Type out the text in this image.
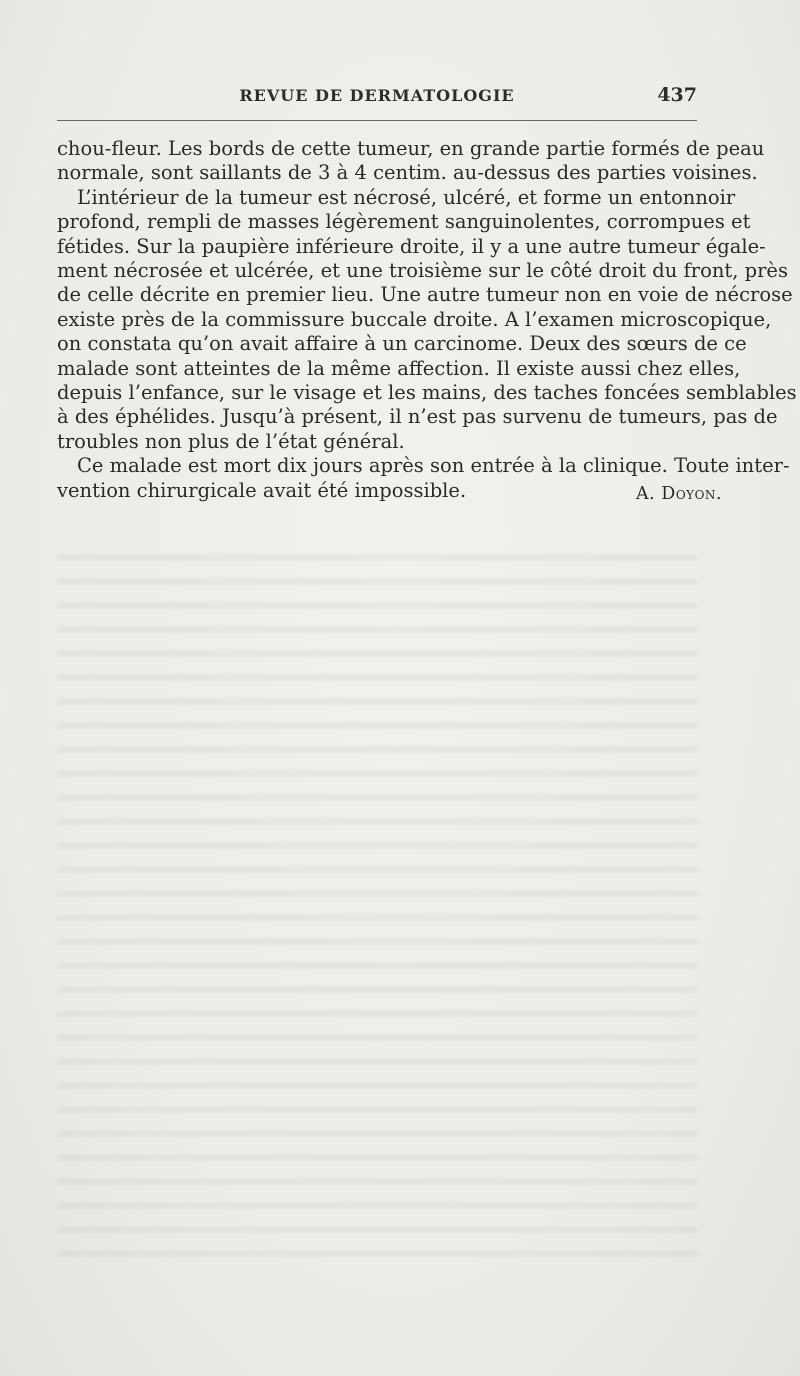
REVUE DE DERMATOLOGIE	437
chou-fleur. Les bords de cette tumeur, en grande partie formés de peau
normale, sont saillants de 3 à 4 centim. au-dessus des parties voisines.
L’intérieur de la tumeur est nécrosé, ulcéré, et forme un entonnoir
profond, rempli de masses légèrement sanguinolentes, corrompues et
fétides. Sur la paupière inférieure droite, il y a une autre tumeur égale-
ment nécrosée et ulcérée, et une troisième sur le côté droit du front, près
de celle décrite en premier lieu. Une autre tumeur non en voie de nécrose
existe près de la commissure buccale droite. A l’examen microscopique,
on constata qu’on avait affaire à un carcinome. Deux des sœurs de ce
malade sont atteintes de la même affection. Il existe aussi chez elles,
depuis l’enfance, sur le visage et les mains, des taches foncées semblables
à des éphélides. Jusqu’à présent, il n’est pas survenu de tumeurs, pas de
troubles non plus de l’état général.
Ce malade est mort dix jours après son entrée à la clinique. Toute inter-
vention chirurgicale avait été impossible.	A. Doyon.
